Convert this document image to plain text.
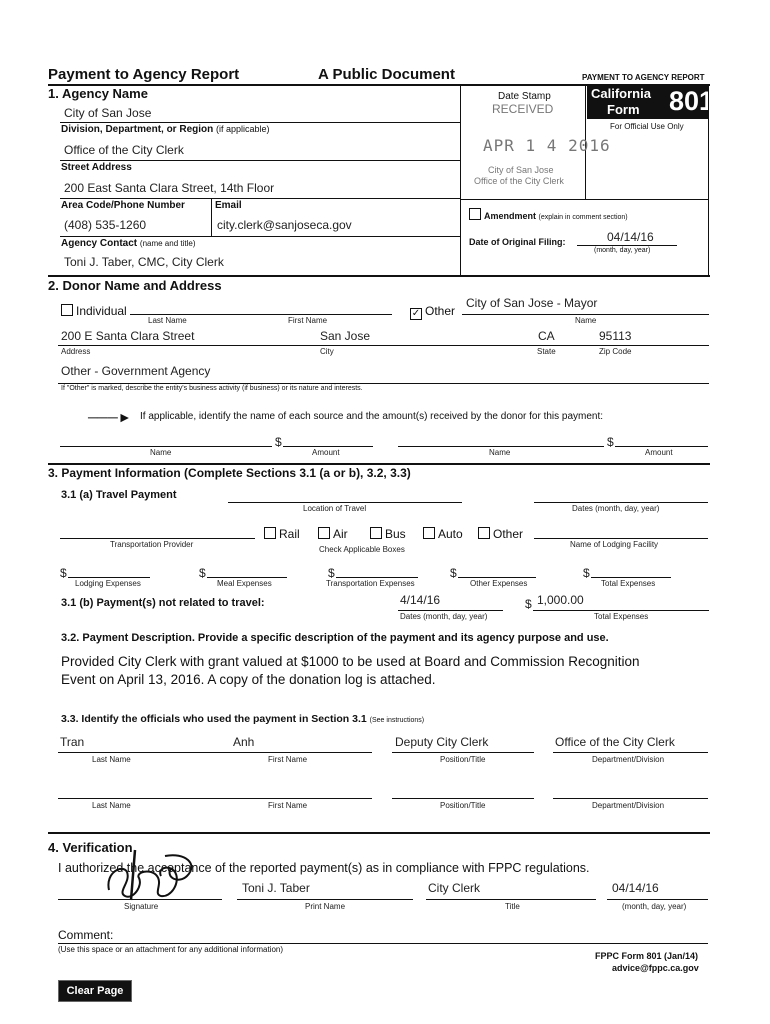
Payment to Agency Report	A Public Document	PAYMENT TO AGENCY REPORT
California
Form 801
For Official Use Only
1. Agency Name
City of San Jose
Division, Department, or Region (if applicable)
Office of the City Clerk
Street Address
200 East Santa Clara Street, 14th Floor
Area Code/Phone Number	Email
(408) 535-1260	city.clerk@sanjoseca.gov
Agency Contact (name and title)
Toni J. Taber, CMC, City Clerk
Date Stamp
RECEIVED
APR 1 4 2016
City of San Jose
Office of the City Clerk
Amendment (explain in comment section)
Date of Original Filing:	04/14/16
(month, day, year)
2. Donor Name and Address
Individual
Last Name	First Name
✓ Other
City of San Jose - Mayor
Name
200 E Santa Clara Street	San Jose	CA	95113
Address	City	State	Zip Code
Other - Government Agency
If "Other" is marked, describe the entity's business activity (if business) or its nature and interests.
───► If applicable, identify the name of each source and the amount(s) received by the donor for this payment:
$
Name	Amount
$
Name	Amount
3. Payment Information (Complete Sections 3.1 (a or b), 3.2, 3.3)
3.1 (a) Travel Payment
Location of Travel	Dates (month, day, year)
Transportation Provider
Rail	Air	Bus	Auto	Other
Check Applicable Boxes
Name of Lodging Facility
$
Lodging Expenses
$
Meal Expenses
$
Transportation Expenses
$
Other Expenses
$
Total Expenses
3.1 (b) Payment(s) not related to travel:	4/14/16
Dates (month, day, year)
$ 1,000.00
Total Expenses
3.2. Payment Description. Provide a specific description of the payment and its agency purpose and use.
Provided City Clerk with grant valued at $1000 to be used at Board and Commission Recognition
Event on April 13, 2016. A copy of the donation log is attached.
3.3. Identify the officials who used the payment in Section 3.1 (See instructions)
Tran	Anh	Deputy City Clerk	Office of the City Clerk
Last Name	First Name	Position/Title	Department/Division
Last Name	First Name	Position/Title	Department/Division
4. Verification
I authorized the acceptance of the reported payment(s) as in compliance with FPPC regulations.
Toni J. Taber	City Clerk	04/14/16
Signature	Print Name	Title	(month, day, year)
Comment:
(Use this space or an attachment for any additional information)
FPPC Form 801 (Jan/14)
advice@fppc.ca.gov
Clear Page
